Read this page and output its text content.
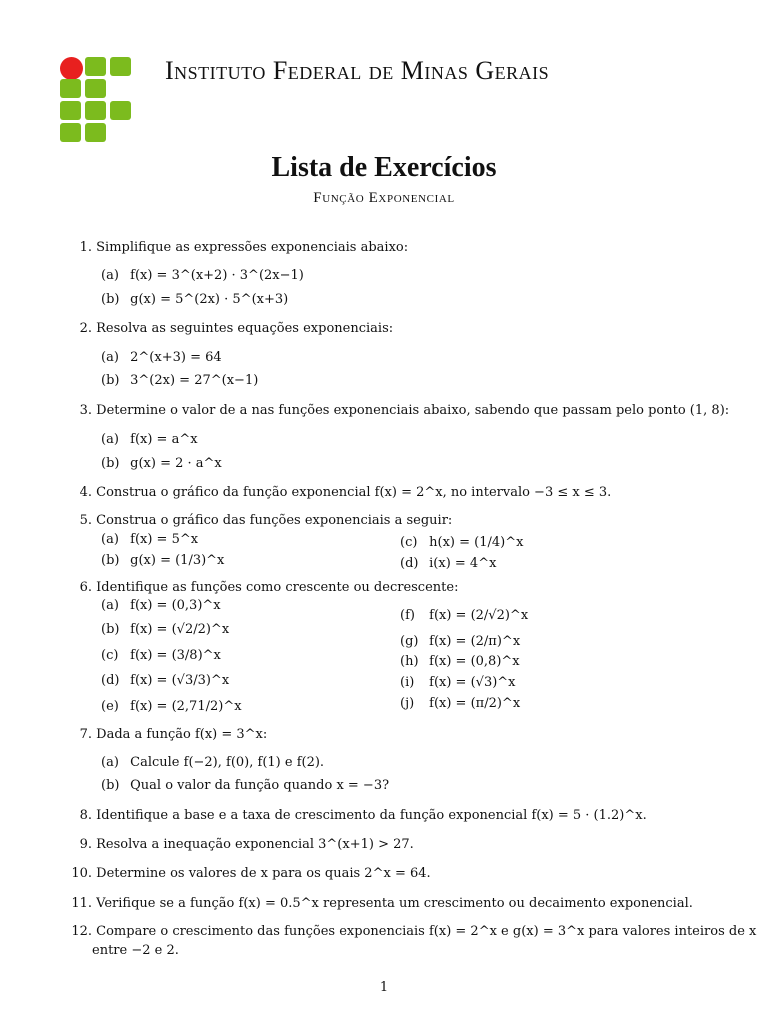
Instituto Federal de Minas Gerais
Lista de Exercícios
Função Exponencial
1. Simplifique as expressões exponenciais abaixo:
(a) f(x) = 3^(x+2) · 3^(2x−1)
(b) g(x) = 5^(2x) · 5^(x+3)
2. Resolva as seguintes equações exponenciais:
(a) 2^(x+3) = 64
(b) 3^(2x) = 27^(x−1)
3. Determine o valor de a nas funções exponenciais abaixo, sabendo que passam pelo ponto (1, 8):
(a) f(x) = a^x
(b) g(x) = 2 · a^x
4. Construa o gráfico da função exponencial f(x) = 2^x, no intervalo −3 ≤ x ≤ 3.
5. Construa o gráfico das funções exponenciais a seguir:
(a) f(x) = 5^x
(b) g(x) = (1/3)^x
(c) h(x) = (1/4)^x
(d) i(x) = 4^x
6. Identifique as funções como crescente ou decrescente:
(a) f(x) = (0,3)^x
(b) f(x) = (√2/2)^x
(c) f(x) = (3/8)^x
(d) f(x) = (√3/3)^x
(e) f(x) = (2,71/2)^x
(f) f(x) = (2/√2)^x
(g) f(x) = (2/π)^x
(h) f(x) = (0,8)^x
(i) f(x) = (√3)^x
(j) f(x) = (π/2)^x
7. Dada a função f(x) = 3^x:
(a) Calcule f(−2), f(0), f(1) e f(2).
(b) Qual o valor da função quando x = −3?
8. Identifique a base e a taxa de crescimento da função exponencial f(x) = 5 · (1.2)^x.
9. Resolva a inequação exponencial 3^(x+1) > 27.
10. Determine os valores de x para os quais 2^x = 64.
11. Verifique se a função f(x) = 0.5^x representa um crescimento ou decaimento exponencial.
12. Compare o crescimento das funções exponenciais f(x) = 2^x e g(x) = 3^x para valores inteiros de x
entre −2 e 2.
1
